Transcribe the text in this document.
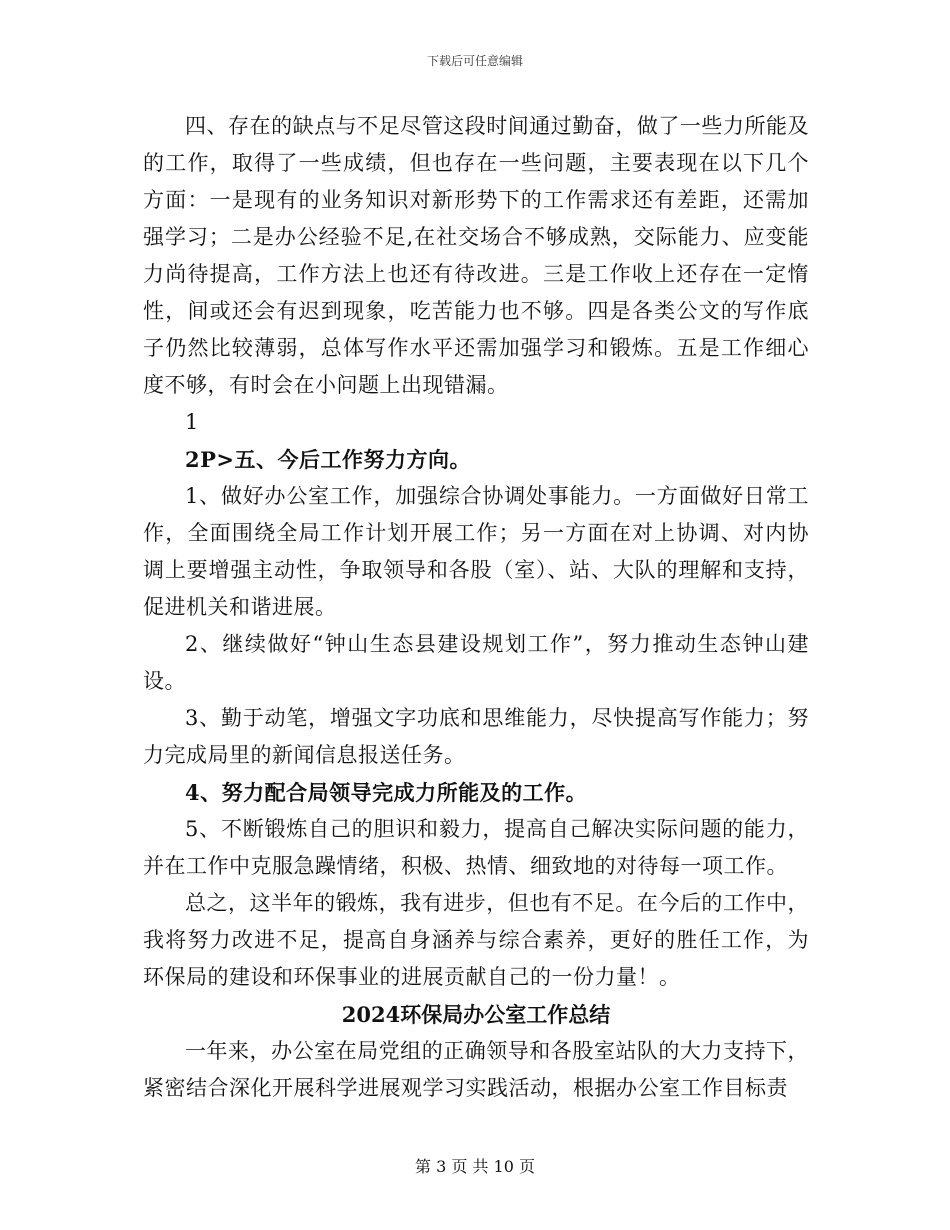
下载后可任意编辑

四、存在的缺点与不足尽管这段时间通过勤奋，做了一些力所能及的工作，取得了一些成绩，但也存在一些问题，主要表现在以下几个方面：一是现有的业务知识对新形势下的工作需求还有差距，还需加强学习；二是办公经验不足,在社交场合不够成熟，交际能力、应变能力尚待提高，工作方法上也还有待改进。三是工作收上还存在一定惰性，间或还会有迟到现象，吃苦能力也不够。四是各类公文的写作底子仍然比较薄弱，总体写作水平还需加强学习和锻炼。五是工作细心度不够，有时会在小问题上出现错漏。

1

2P>五、今后工作努力方向。

1、做好办公室工作，加强综合协调处事能力。一方面做好日常工作，全面围绕全局工作计划开展工作；另一方面在对上协调、对内协调上要增强主动性，争取领导和各股（室）、站、大队的理解和支持，促进机关和谐进展。

2、继续做好“钟山生态县建设规划工作”，努力推动生态钟山建设。

3、勤于动笔，增强文字功底和思维能力，尽快提高写作能力；努力完成局里的新闻信息报送任务。

4、努力配合局领导完成力所能及的工作。

5、不断锻炼自己的胆识和毅力，提高自己解决实际问题的能力，并在工作中克服急躁情绪，积极、热情、细致地的对待每一项工作。

总之，这半年的锻炼，我有进步，但也有不足。在今后的工作中，我将努力改进不足，提高自身涵养与综合素养，更好的胜任工作，为环保局的建设和环保事业的进展贡献自己的一份力量！。

2024环保局办公室工作总结

一年来，办公室在局党组的正确领导和各股室站队的大力支持下，紧密结合深化开展科学进展观学习实践活动，根据办公室工作目标责

第 3 页 共 10 页
